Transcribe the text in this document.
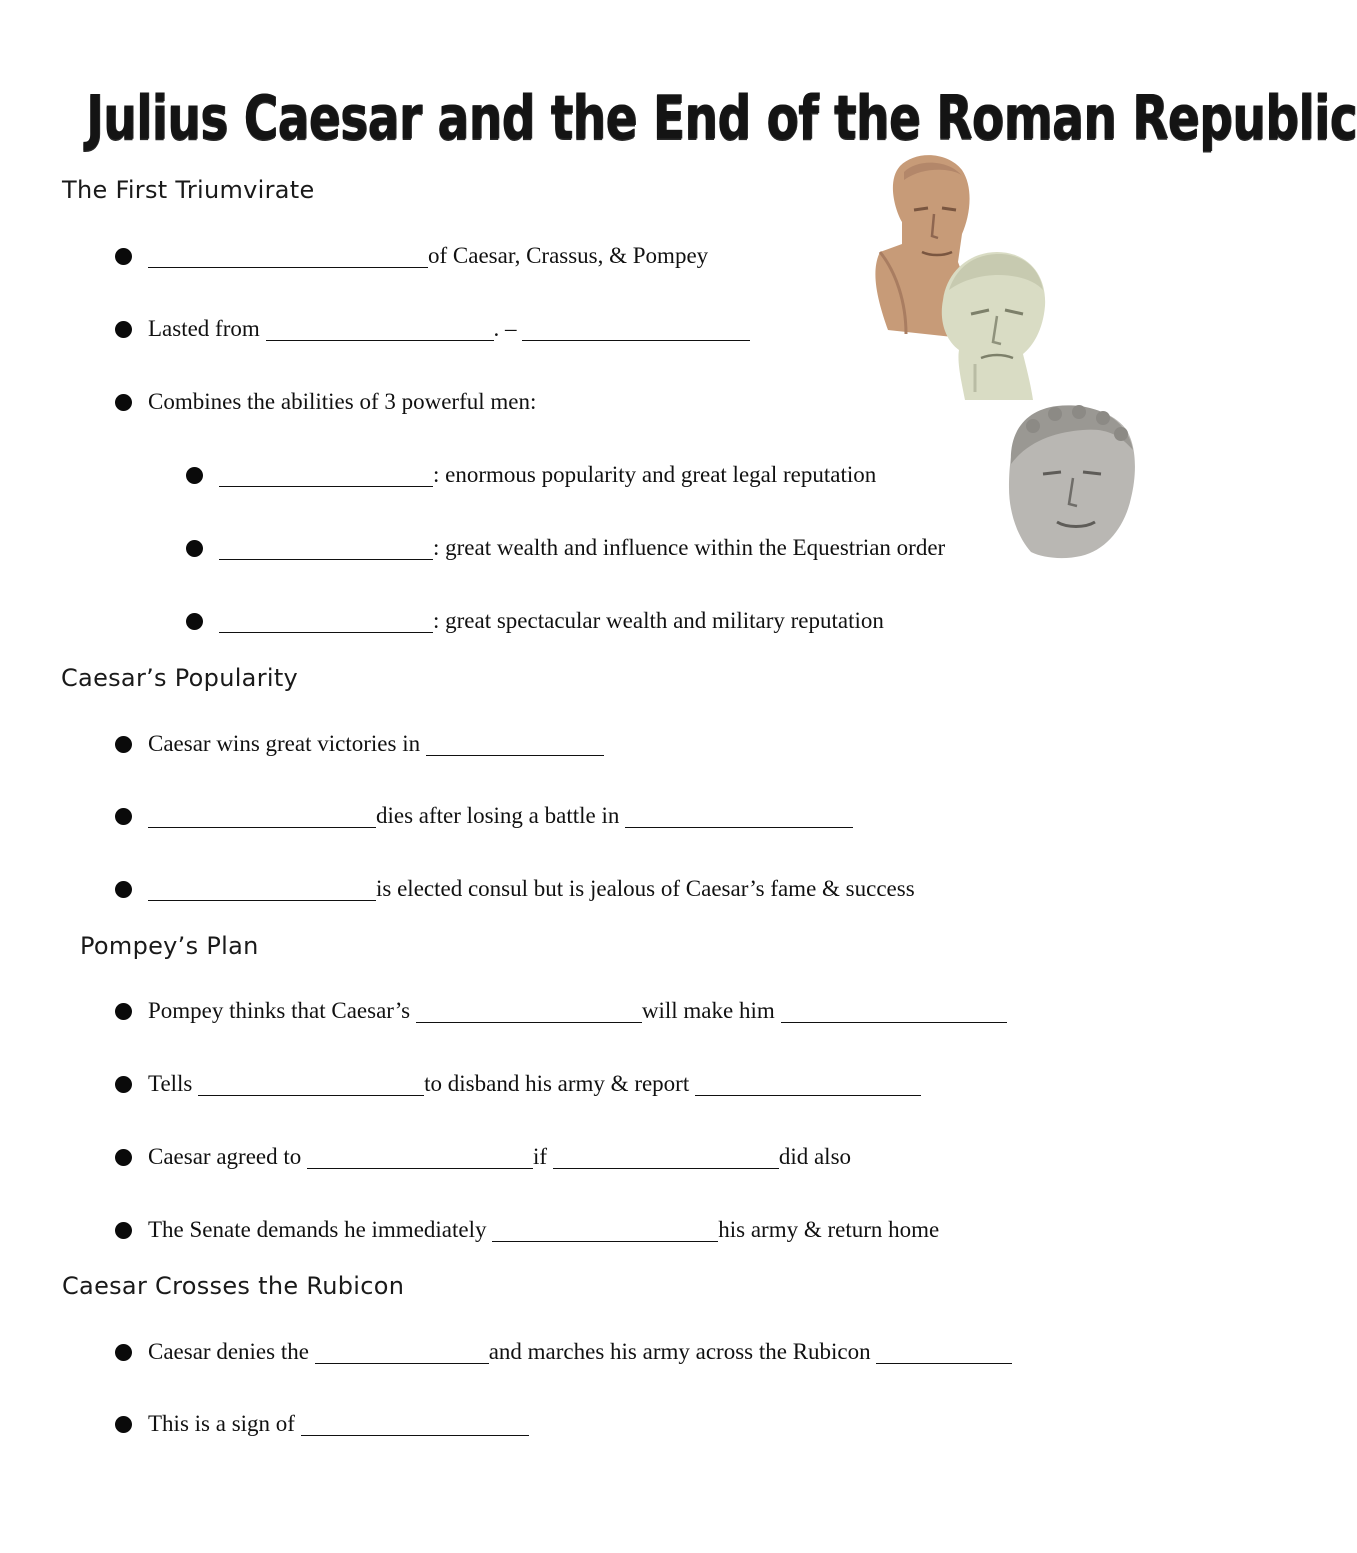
Julius Caesar and the End of the Roman Republic
The First Triumvirate
of Caesar, Crassus, & Pompey
Lasted from
	. –

Combines the abilities of 3 powerful men:
:
enormous popularity and great legal reputation
:
great wealth and influence within the Equestrian order
:
great spectacular wealth and military reputation
Caesar’s Popularity
Caesar wins great victories in

dies after losing a battle in

is elected consul but is jealous of Caesar’s fame & success
Pompey’s Plan
Pompey thinks that Caesar’s
	will make him

Tells
	to disband his army & report

Caesar agreed to
	if
	did also
The Senate demands he immediately
	his army & return home
Caesar Crosses the Rubicon
Caesar denies the
	and marches his army across the Rubicon

This is a sign of
